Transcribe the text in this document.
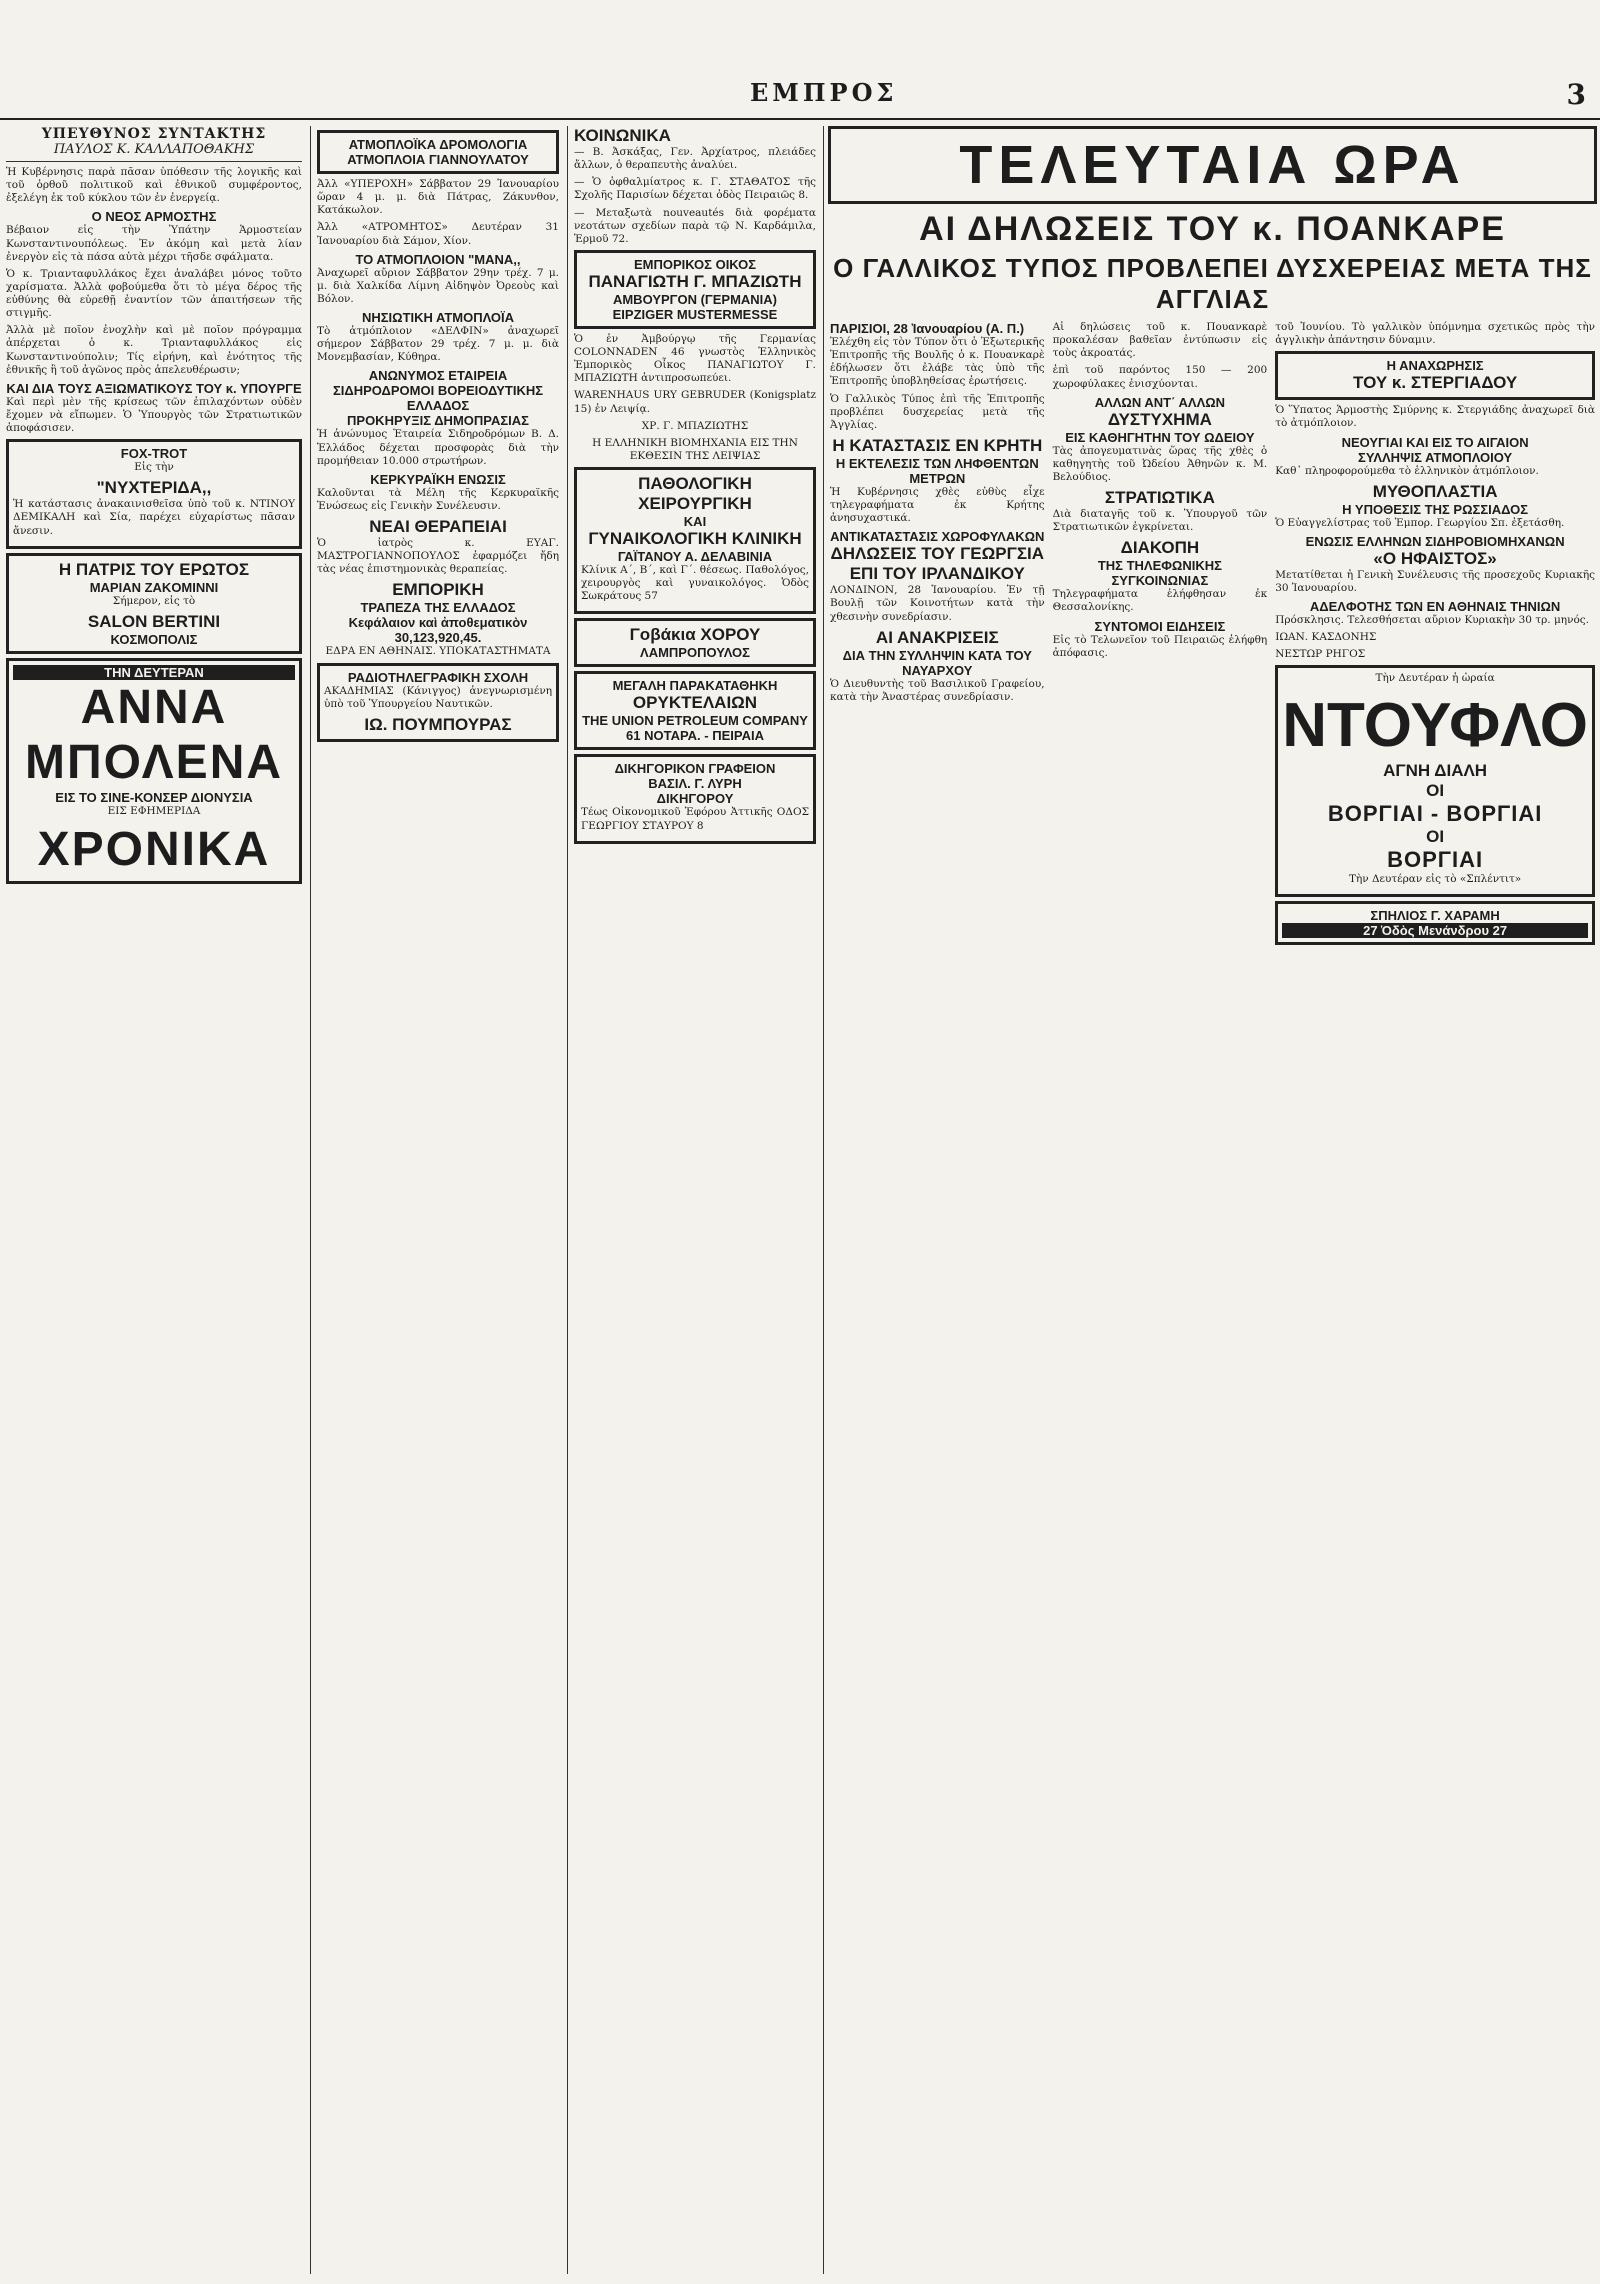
ΕΜΠΡΟΣ	3
ΥΠΕΥΘΥΝΟΣ ΣΥΝΤΑΚΤΗΣ
ΠΑΥΛΟΣ Κ. ΚΑΛΛΑΠΟΘΑΚΗΣ

Ἡ Κυβέρνησις παρὰ πᾶσαν ὑπόθεσιν τῆς λογικῆς καὶ τοῦ ὀρθοῦ πολιτικοῦ καὶ ἐθνικοῦ συμφέροντος, ἐξελέγη ἐκ τοῦ κύκλου τῶν ἐν ἐνεργείᾳ.

Ο ΝΕΟΣ ΑΡΜΟΣΤΗΣ

Βέβαιον εἰς τὴν Ὑπάτην Ἁρμοστείαν Κωνσταντινουπόλεως. Ἐν ἀκόμη καὶ μετὰ λίαν ἐνεργὸν εἰς τὰ πάσα αὐτὰ μέχρι τῆσδε σφάλματα.

Ὁ κ. Τριανταφυλλάκος ἔχει ἀναλάβει μόνος τοῦτο χαρίσματα. Ἀλλὰ φοβούμεθα ὅτι τὸ μέγα δέρος τῆς εὐθύνης θὰ εὑρεθῇ ἐναντίον τῶν ἀπαιτήσεων τῆς στιγμῆς.

Ἀλλὰ μὲ ποῖον ἐνοχλὴν καὶ μὲ ποῖον πρόγραμμα ἀπέρχεται ὁ κ. Τριανταφυλλάκος εἰς Κωνσταντινούπολιν; Τίς εἰρήνη, καὶ ἐνότητος τῆς ἐθνικῆς ἢ τοῦ ἀγῶνος πρὸς ἀπελευθέρωσιν;

ΚΑΙ ΔΙΑ ΤΟΥΣ ΑΞΙΩΜΑΤΙΚΟΥΣ ΤΟΥ κ. ΥΠΟΥΡΓΕ

Καὶ περὶ μὲν τῆς κρίσεως τῶν ἐπιλαχόντων οὐδὲν ἔχομεν νὰ εἴπωμεν. Ὁ Ὑπουργὸς τῶν Στρατιωτικῶν ἀποφάσισεν.

FOX-TROT
Εἰς τὴν
"ΝΥΧΤΕΡΙΔΑ,,

Ἡ κατάστασις ἀνακαινισθεῖσα ὑπὸ τοῦ κ. ΝΤΙΝΟΥ ΔΕΜΙΚΑΛΗ καὶ Σία, παρέχει εὐχαρίστως πᾶσαν ἄνεσιν.

Η ΠΑΤΡΙΣ ΤΟΥ ΕΡΩΤΟΣ
ΜΑΡΙΑΝ ZAKOMINNI
Σήμερον, εἰς τὸ
SALON BERTINI
ΚΟΣΜΟΠΟΛΙΣ
ΤΗΝ ΔΕΥΤΕΡΑΝ
ΑΝΝΑ ΜΠΟΛΕΝΑ
ΕΙΣ ΤΟ ΣΙΝΕ-ΚΟΝΣΕΡ ΔΙΟΝΥΣΙΑ
ΕΙΣ ΕΦΗΜΕΡΙΔΑ
ΧΡΟΝΙΚΑ
ΑΤΜΟΠΛΟΪΚΑ ΔΡΟΜΟΛΟΓΙΑ
ΑΤΜΟΠΛΟΙΑ ΓΙΑΝΝΟΥΛΑΤΟΥ

Ἀλλ «ΥΠΕΡΟΧΗ» Σάββατον 29 Ἰανουαρίου ὥραν 4 μ. μ. διὰ Πάτρας, Ζάκυνθον, Κατάκωλον.

Ἀλλ «ΑΤΡΟΜΗΤΟΣ» Δευτέραν 31 Ἰανουαρίου διὰ Σάμον, Χίον.

ΤΟ ΑΤΜΟΠΛΟΙΟΝ "ΜΑΝΑ,,

Ἀναχωρεῖ αὔριον Σάββατον 29ην τρέχ. 7 μ. μ. διὰ Χαλκίδα Λίμνη Αἰδηψὸν Ὀρεοὺς καὶ Βόλον.

ΝΗΣΙΩΤΙΚΗ ΑΤΜΟΠΛΟΪΑ

Τὸ ἀτμόπλοιον «ΔΕΛΦΙΝ» ἀναχωρεῖ σήμερον Σάββατον 29 τρέχ. 7 μ. μ. διὰ Μονεμβασίαν, Κύθηρα.

ΑΝΩΝΥΜΟΣ ΕΤΑΙΡΕΙΑ
ΣΙΔΗΡΟΔΡΟΜΟΙ ΒΟΡΕΙΟΔΥΤΙΚΗΣ ΕΛΛΑΔΟΣ
ΠΡΟΚΗΡΥΞΙΣ ΔΗΜΟΠΡΑΣΙΑΣ

Ἡ ἀνώνυμος Ἑταιρεία Σιδηροδρόμων Β. Δ. Ἑλλάδος δέχεται προσφορὰς διὰ τὴν προμήθειαν 10.000 στρωτήρων.

ΚΕΡΚΥΡΑΪΚΗ ΕΝΩΣΙΣ

Καλοῦνται τὰ Μέλη τῆς Κερκυραϊκῆς Ἑνώσεως εἰς Γενικὴν Συνέλευσιν.

ΝΕΑΙ ΘΕΡΑΠΕΙΑΙ

Ὁ ἰατρὸς κ. ΕΥΑΓ. ΜΑΣΤΡΟΓΙΑΝΝΟΠΟΥΛΟΣ ἐφαρμόζει ἤδη τὰς νέας ἐπιστημονικὰς θεραπείας.

ΕΜΠΟΡΙΚΗ
ΤΡΑΠΕΖΑ ΤΗΣ ΕΛΛΑΔΟΣ
Κεφάλαιον καὶ ἀποθεματικὸν 30,123,920,45.

ΕΔΡΑ ΕΝ ΑΘΗΝΑΙΣ. ΥΠΟΚΑΤΑΣΤΗΜΑΤΑ

ΡΑΔΙΟΤΗΛΕΓΡΑΦΙΚΗ ΣΧΟΛΗ

ΑΚΑΔΗΜΙΑΣ (Κάνιγγος) ἀνεγνωρισμένη ὑπὸ τοῦ Ὑπουργείου Ναυτικῶν.

ΙΩ. ΠΟΥΜΠΟΥΡΑΣ
ΚΟΙΝΩΝΙΚΑ

— Β. Ἀσκάξας, Γεν. Ἀρχίατρος, πλειάδες ἄλλων, ὁ θεραπευτὴς ἀναλύει.

— Ὁ ὀφθαλμίατρος κ. Γ. ΣΤΑΘΑΤΟΣ τῆς Σχολῆς Παρισίων δέχεται ὁδὸς Πειραιῶς 8.

— Μεταξωτὰ nouveautés διὰ φορέματα νεοτάτων σχεδίων παρὰ τῷ Ν. Καρδάμιλα, Ἑρμοῦ 72.

ΕΜΠΟΡΙΚΟΣ ΟΙΚΟΣ
ΠΑΝΑΓΙΩΤΗ Γ. ΜΠΑΖΙΩΤΗ
ΑΜΒΟΥΡΓΟΝ (ΓΕΡΜΑΝΙΑ)
EIPZIGER MUSTERMESSE

Ὁ ἐν Ἀμβούργῳ τῆς Γερμανίας COLONNADEN 46 γνωστὸς Ἑλληνικὸς Ἐμπορικὸς Οἶκος ΠΑΝΑΓΙΩΤΟΥ Γ. ΜΠΑΖΙΩΤΗ ἀντιπροσωπεύει.

WARENHAUS URY GEBRUDER (Konigsplatz 15) ἐν Λειψίᾳ.

ΧΡ. Γ. ΜΠΑΖΙΩΤΗΣ
Η ΕΛΛΗΝΙΚΗ ΒΙΟΜΗΧΑΝΙΑ ΕΙΣ ΤΗΝ ΕΚΘΕΣΙΝ ΤΗΣ ΛΕΙΨΙΑΣ
ΠΑΘΟΛΟΓΙΚΗ ΧΕΙΡΟΥΡΓΙΚΗ
ΚΑΙ
ΓΥΝΑΙΚΟΛΟΓΙΚΗ ΚΛΙΝΙΚΗ
ΓΑΪΤΑΝΟΥ Α. ΔΕΛΑΒΙΝΙΑ

Κλίνικ Α΄, Β΄, καὶ Γ΄. θέσεως. Παθολόγος, χειρουργὸς καὶ γυναικολόγος. Ὁδὸς Σωκράτους 57

Γοβάκια ΧΟΡΟΥ
ΛΑΜΠΡΟΠΟΥΛΟΣ
ΜΕΓΑΛΗ ΠΑΡΑΚΑΤΑΘΗΚΗ
ΟΡΥΚΤΕΛΑΙΩΝ
THE UNION PETROLEUM COMPANY
61 ΝΟΤΑΡΑ. - ΠΕΙΡΑΙΑ
ΔΙΚΗΓΟΡΙΚΟΝ ΓΡΑΦΕΙΟΝ
ΒΑΣΙΛ. Γ. ΛΥΡΗ
ΔΙΚΗΓΟΡΟΥ

Τέως Οἰκονομικοῦ Ἐφόρου Ἀττικῆς ΟΔΟΣ ΓΕΩΡΓΙΟΥ ΣΤΑΥΡΟΥ 8

ΤΕΛΕΥΤΑΙΑ ΩΡΑ
ΑΙ ΔΗΛΩΣΕΙΣ ΤΟΥ κ. ΠΟΑΝΚΑΡΕ
Ο ΓΑΛΛΙΚΟΣ ΤΥΠΟΣ ΠΡΟΒΛΕΠΕΙ ΔΥΣΧΕΡΕΙΑΣ ΜΕΤΑ ΤΗΣ ΑΓΓΛΙΑΣ
ΠΑΡΙΣΙΟΙ, 28 Ἰανουαρίου (Α. Π.)

Ἐλέχθη εἰς τὸν Τύπον ὅτι ὁ Ἐξωτερικῆς Ἐπιτροπῆς τῆς Βουλῆς ὁ κ. Πουανκαρὲ ἐδήλωσεν ὅτι ἐλάβε τὰς ὑπὸ τῆς Ἐπιτροπῆς ὑποβληθείσας ἐρωτήσεις.

Ὁ Γαλλικὸς Τύπος ἐπὶ τῆς Ἐπιτροπῆς προβλέπει δυσχερείας μετὰ τῆς Ἀγγλίας.

Η ΚΑΤΑΣΤΑΣΙΣ ΕΝ ΚΡΗΤΗ
Η ΕΚΤΕΛΕΣΙΣ ΤΩΝ ΛΗΦΘΕΝΤΩΝ ΜΕΤΡΩΝ

Ἡ Κυβέρνησις χθὲς εὐθὺς εἶχε τηλεγραφήματα ἐκ Κρήτης ἀνησυχαστικά.

ΑΝΤΙΚΑΤΑΣΤΑΣΙΣ ΧΩΡΟΦΥΛΑΚΩΝ
ΔΗΛΩΣΕΙΣ ΤΟΥ ΓΕΩΡΓΣΙΑ ΕΠΙ ΤΟΥ ΙΡΛΑΝΔΙΚΟΥ

ΛΟΝΔΙΝΟΝ, 28 Ἰανουαρίου. Ἐν τῇ Βουλῇ τῶν Κοινοτήτων κατὰ τὴν χθεσινὴν συνεδρίασιν.

ΑΙ ΑΝΑΚΡΙΣΕΙΣ
ΔΙΑ ΤΗΝ ΣΥΛΛΗΨΙΝ ΚΑΤΑ ΤΟΥ ΝΑΥΑΡΧΟΥ

Ὁ Διευθυντὴς τοῦ Βασιλικοῦ Γραφείου, κατὰ τὴν Ἀναστέρας συνεδρίασιν.

Αἱ δηλώσεις τοῦ κ. Πουανκαρὲ προκαλέσαν βαθεῖαν ἐντύπωσιν εἰς τοὺς ἀκροατάς.

ἐπὶ τοῦ παρόντος 150 — 200 χωροφύλακες ἐνισχύονται.

ΑΛΛΩΝ ΑΝΤ΄ ΑΛΛΩΝ
ΔΥΣΤΥΧΗΜΑ
ΕΙΣ ΚΑΘΗΓΗΤΗΝ ΤΟΥ ΩΔΕΙΟΥ

Τὰς ἀπογευματινὰς ὥρας τῆς χθὲς ὁ καθηγητὴς τοῦ Ὠδείου Ἀθηνῶν κ. Μ. Βελούδιος.

ΣΤΡΑΤΙΩΤΙΚΑ

Διὰ διαταγῆς τοῦ κ. Ὑπουργοῦ τῶν Στρατιωτικῶν ἐγκρίνεται.

ΔΙΑΚΟΠΗ
ΤΗΣ ΤΗΛΕΦΩΝΙΚΗΣ ΣΥΓΚΟΙΝΩΝΙΑΣ

Τηλεγραφήματα ἐλήφθησαν ἐκ Θεσσαλονίκης.

ΣΥΝΤΟΜΟΙ ΕΙΔΗΣΕΙΣ

Εἰς τὸ Τελωνεῖον τοῦ Πειραιῶς ἐλήφθη ἀπόφασις.

τοῦ Ἰουνίου. Τὸ γαλλικὸν ὑπόμνημα σχετικῶς πρὸς τὴν ἀγγλικὴν ἀπάντησιν δύναμιν.

Η ΑΝΑΧΩΡΗΣΙΣ
ΤΟΥ κ. ΣΤΕΡΓΙΑΔΟΥ

Ὁ Ὕπατος Ἁρμοστὴς Σμύρνης κ. Στεργιάδης ἀναχωρεῖ διὰ τὸ ἀτμόπλοιον.

ΝΕΟΥΓΙΑΙ ΚΑΙ ΕΙΣ ΤΟ ΑΙΓΑΙΟΝ
ΣΥΛΛΗΨΙΣ ΑΤΜΟΠΛΟΙΟΥ

Καθ᾽ πληροφορούμεθα τὸ ἑλληνικὸν ἀτμόπλοιον.

ΜΥΘΟΠΛΑΣΤΙΑ
Η ΥΠΟΘΕΣΙΣ ΤΗΣ ΡΩΣΣΙΑΔΟΣ

Ὁ Εὐαγγελίστρας τοῦ Ἐμπορ. Γεωργίου Σπ. ἐξετάσθη.

ΕΝΩΣΙΣ ΕΛΛΗΝΩΝ ΣΙΔΗΡΟΒΙΟΜΗΧΑΝΩΝ
«Ο ΗΦΑΙΣΤΟΣ»

Μετατίθεται ἡ Γενικὴ Συνέλευσις τῆς προσεχοῦς Κυριακῆς 30 Ἰανουαρίου.

ΑΔΕΛΦΟΤΗΣ ΤΩΝ ΕΝ ΑΘΗΝΑΙΣ ΤΗΝΙΩΝ

Πρόσκλησις. Τελεσθήσεται αὔριον Κυριακὴν 30 τρ. μηνός.

ΙΩΑΝ. ΚΑΣΔΟΝΗΣ
ΝΕΣΤΩΡ ΡΗΓΟΣ
Τὴν Δευτέραν ἡ ὡραία
ΝΤΟΥΦΛΟ
ΑΓΝΗ ΔΙΑΛΗ
ΟΙ
ΒΟΡΓΙΑΙ - ΒΟΡΓΙΑΙ
ΟΙ
ΒΟΡΓΙΑΙ
Τὴν Δευτέραν εἰς τὸ «Σπλέντιτ»
ΣΠΗΛΙΟΣ Γ. ΧΑΡΑΜΗ
27 Ὁδὸς Μενάνδρου 27
